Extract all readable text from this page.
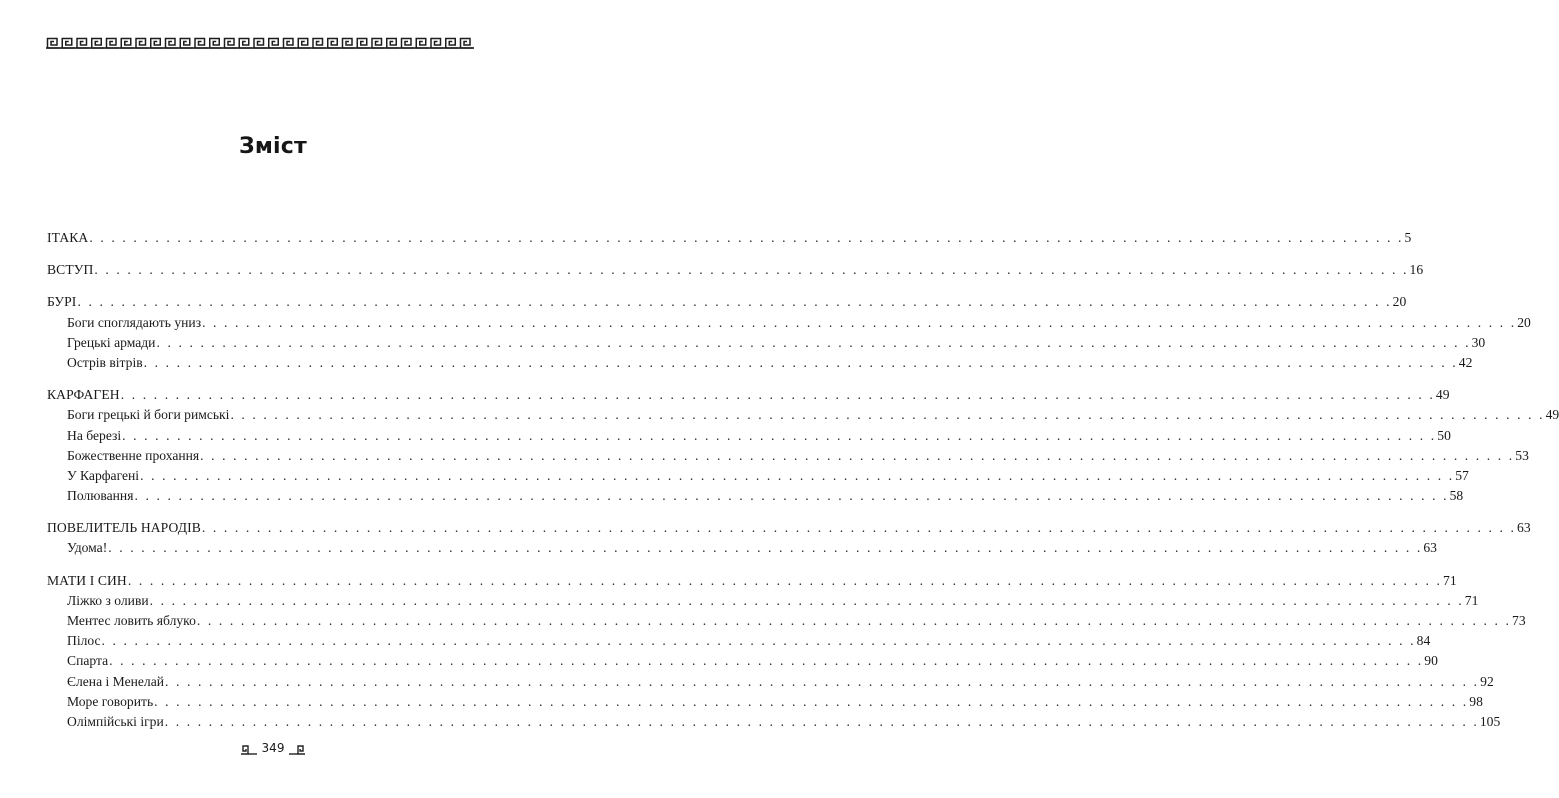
Зміст
ІТАКА . . . . . . . . . . . . . . . . . . . . . . . . . . . . . . . . . . . . . . . . . . . . . . . . . . . . . . . . . . . . . . . . . . . . . . . . . . . . . . . . . . . . . . . . . . . . . . . . . . . . . . . . . . . . . . . . . . . . . . . . 5
ВСТУП . . . . . . . . . . . . . . . . . . . . . . . . . . . . . . . . . . . . . . . . . . . . . . . . . . . . . . . . . . . . . . . . . . . . . . . . . . . . . . . . . . . . . . . . . . . . . . . . . . . . . . . . . . . . . . . . . . . . . . . . 16
БУРІ . . . . . . . . . . . . . . . . . . . . . . . . . . . . . . . . . . . . . . . . . . . . . . . . . . . . . . . . . . . . . . . . . . . . . . . . . . . . . . . . . . . . . . . . . . . . . . . . . . . . . . . . . . . . . . . . . . . . . . . . 20
Боги споглядають униз . . . . . . . . . . . . . . . . . . . . . . . . . . . . . . . . . . . . . . . . . . . . . . . . . . . . . . . . . . . . . . . . . . . . . . . . . . . . . . . . . . . . . . . . . . . . . . . . . . . . . . . . . . . . . . . . . . . . . . . . 20
Грецькі армади . . . . . . . . . . . . . . . . . . . . . . . . . . . . . . . . . . . . . . . . . . . . . . . . . . . . . . . . . . . . . . . . . . . . . . . . . . . . . . . . . . . . . . . . . . . . . . . . . . . . . . . . . . . . . . . . . . . . . . . . 30
Острів вітрів . . . . . . . . . . . . . . . . . . . . . . . . . . . . . . . . . . . . . . . . . . . . . . . . . . . . . . . . . . . . . . . . . . . . . . . . . . . . . . . . . . . . . . . . . . . . . . . . . . . . . . . . . . . . . . . . . . . . . . . . 42
КАРФАГЕН . . . . . . . . . . . . . . . . . . . . . . . . . . . . . . . . . . . . . . . . . . . . . . . . . . . . . . . . . . . . . . . . . . . . . . . . . . . . . . . . . . . . . . . . . . . . . . . . . . . . . . . . . . . . . . . . . . . . . . . . 49
Боги грецькі й боги римські . . . . . . . . . . . . . . . . . . . . . . . . . . . . . . . . . . . . . . . . . . . . . . . . . . . . . . . . . . . . . . . . . . . . . . . . . . . . . . . . . . . . . . . . . . . . . . . . . . . . . . . . . . . . . . . . . . . . . . . . 49
На березі . . . . . . . . . . . . . . . . . . . . . . . . . . . . . . . . . . . . . . . . . . . . . . . . . . . . . . . . . . . . . . . . . . . . . . . . . . . . . . . . . . . . . . . . . . . . . . . . . . . . . . . . . . . . . . . . . . . . . . . . 50
Божественне прохання . . . . . . . . . . . . . . . . . . . . . . . . . . . . . . . . . . . . . . . . . . . . . . . . . . . . . . . . . . . . . . . . . . . . . . . . . . . . . . . . . . . . . . . . . . . . . . . . . . . . . . . . . . . . . . . . . . . . . . . . 53
У Карфагені . . . . . . . . . . . . . . . . . . . . . . . . . . . . . . . . . . . . . . . . . . . . . . . . . . . . . . . . . . . . . . . . . . . . . . . . . . . . . . . . . . . . . . . . . . . . . . . . . . . . . . . . . . . . . . . . . . . . . . . . 57
Полювання . . . . . . . . . . . . . . . . . . . . . . . . . . . . . . . . . . . . . . . . . . . . . . . . . . . . . . . . . . . . . . . . . . . . . . . . . . . . . . . . . . . . . . . . . . . . . . . . . . . . . . . . . . . . . . . . . . . . . . . . 58
ПОВЕЛИТЕЛЬ НАРОДІВ . . . . . . . . . . . . . . . . . . . . . . . . . . . . . . . . . . . . . . . . . . . . . . . . . . . . . . . . . . . . . . . . . . . . . . . . . . . . . . . . . . . . . . . . . . . . . . . . . . . . . . . . . . . . . . . . . . . . . . . . 63
Удома! . . . . . . . . . . . . . . . . . . . . . . . . . . . . . . . . . . . . . . . . . . . . . . . . . . . . . . . . . . . . . . . . . . . . . . . . . . . . . . . . . . . . . . . . . . . . . . . . . . . . . . . . . . . . . . . . . . . . . . . . 63
МАТИ І СИН . . . . . . . . . . . . . . . . . . . . . . . . . . . . . . . . . . . . . . . . . . . . . . . . . . . . . . . . . . . . . . . . . . . . . . . . . . . . . . . . . . . . . . . . . . . . . . . . . . . . . . . . . . . . . . . . . . . . . . . . 71
Ліжко з оливи . . . . . . . . . . . . . . . . . . . . . . . . . . . . . . . . . . . . . . . . . . . . . . . . . . . . . . . . . . . . . . . . . . . . . . . . . . . . . . . . . . . . . . . . . . . . . . . . . . . . . . . . . . . . . . . . . . . . . . . . 71
Ментес ловить яблуко . . . . . . . . . . . . . . . . . . . . . . . . . . . . . . . . . . . . . . . . . . . . . . . . . . . . . . . . . . . . . . . . . . . . . . . . . . . . . . . . . . . . . . . . . . . . . . . . . . . . . . . . . . . . . . . . . . . . . . . . 73
Пілос . . . . . . . . . . . . . . . . . . . . . . . . . . . . . . . . . . . . . . . . . . . . . . . . . . . . . . . . . . . . . . . . . . . . . . . . . . . . . . . . . . . . . . . . . . . . . . . . . . . . . . . . . . . . . . . . . . . . . . . . 84
Спарта . . . . . . . . . . . . . . . . . . . . . . . . . . . . . . . . . . . . . . . . . . . . . . . . . . . . . . . . . . . . . . . . . . . . . . . . . . . . . . . . . . . . . . . . . . . . . . . . . . . . . . . . . . . . . . . . . . . . . . . . 90
Єлена і Менелай . . . . . . . . . . . . . . . . . . . . . . . . . . . . . . . . . . . . . . . . . . . . . . . . . . . . . . . . . . . . . . . . . . . . . . . . . . . . . . . . . . . . . . . . . . . . . . . . . . . . . . . . . . . . . . . . . . . . . . . . 92
Море говорить . . . . . . . . . . . . . . . . . . . . . . . . . . . . . . . . . . . . . . . . . . . . . . . . . . . . . . . . . . . . . . . . . . . . . . . . . . . . . . . . . . . . . . . . . . . . . . . . . . . . . . . . . . . . . . . . . . . . . . . . 98
Олімпійські ігри . . . . . . . . . . . . . . . . . . . . . . . . . . . . . . . . . . . . . . . . . . . . . . . . . . . . . . . . . . . . . . . . . . . . . . . . . . . . . . . . . . . . . . . . . . . . . . . . . . . . . . . . . . . . . . . . . . . . . . . . 105
349
